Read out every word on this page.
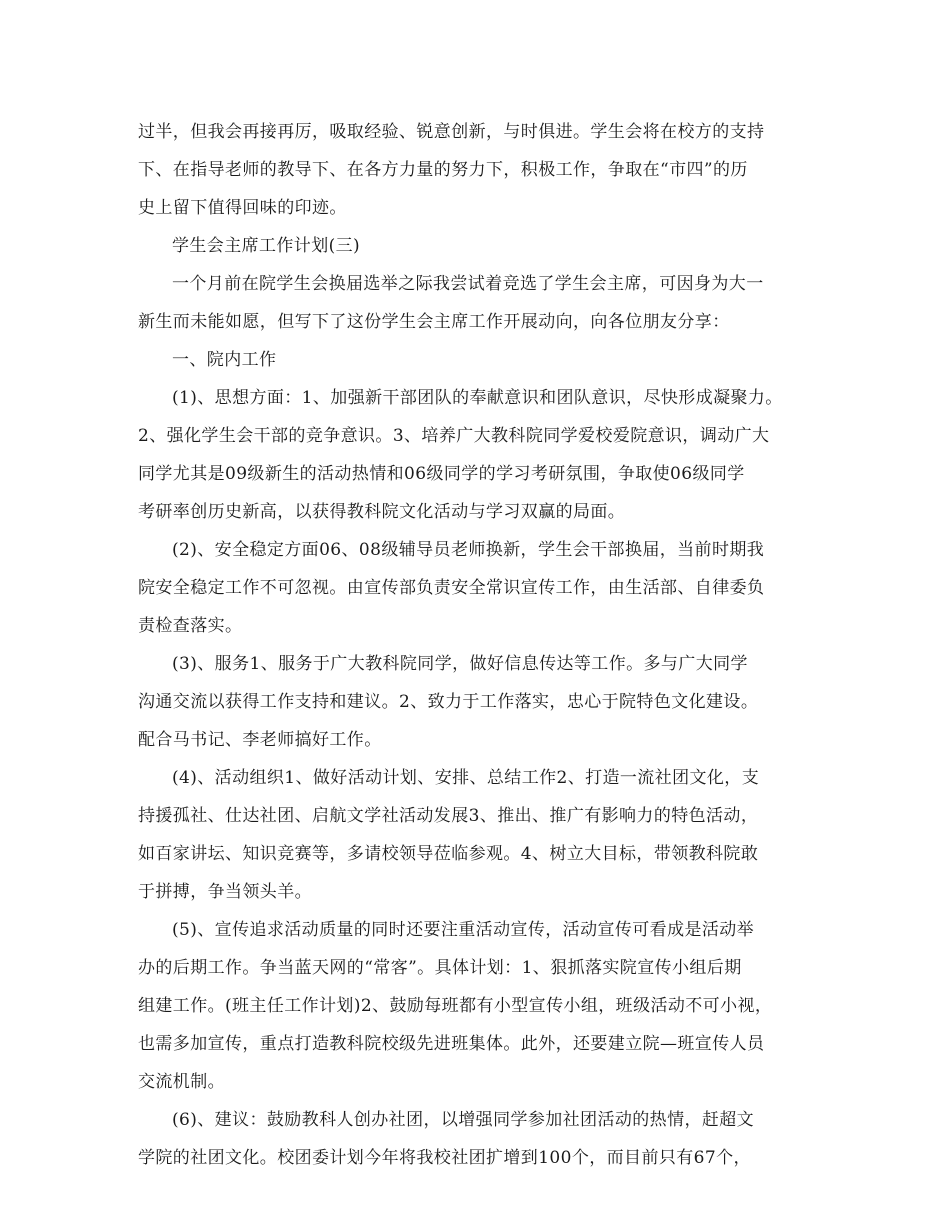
过半，但我会再接再厉，吸取经验、锐意创新，与时俱进。学生会将在校方的支持
下、在指导老师的教导下、在各方力量的努力下，积极工作，争取在“市四”的历
史上留下值得回味的印迹。
学生会主席工作计划(三)
一个月前在院学生会换届选举之际我尝试着竞选了学生会主席，可因身为大一
新生而未能如愿，但写下了这份学生会主席工作开展动向，向各位朋友分享：
一、院内工作
(1)、思想方面：1、加强新干部团队的奉献意识和团队意识，尽快形成凝聚力。
2、强化学生会干部的竞争意识。3、培养广大教科院同学爱校爱院意识，调动广大
同学尤其是09级新生的活动热情和06级同学的学习考研氛围，争取使06级同学
考研率创历史新高，以获得教科院文化活动与学习双赢的局面。
(2)、安全稳定方面06、08级辅导员老师换新，学生会干部换届，当前时期我
院安全稳定工作不可忽视。由宣传部负责安全常识宣传工作，由生活部、自律委负
责检查落实。
(3)、服务1、服务于广大教科院同学，做好信息传达等工作。多与广大同学
沟通交流以获得工作支持和建议。2、致力于工作落实，忠心于院特色文化建设。
配合马书记、李老师搞好工作。
(4)、活动组织1、做好活动计划、安排、总结工作2、打造一流社团文化，支
持援孤社、仕达社团、启航文学社活动发展3、推出、推广有影响力的特色活动，
如百家讲坛、知识竞赛等，多请校领导莅临参观。4、树立大目标，带领教科院敢
于拼搏，争当领头羊。
(5)、宣传追求活动质量的同时还要注重活动宣传，活动宣传可看成是活动举
办的后期工作。争当蓝天网的“常客”。具体计划：1、狠抓落实院宣传小组后期
组建工作。(班主任工作计划)2、鼓励每班都有小型宣传小组，班级活动不可小视，
也需多加宣传，重点打造教科院校级先进班集体。此外，还要建立院—班宣传人员
交流机制。
(6)、建议：鼓励教科人创办社团，以增强同学参加社团活动的热情，赶超文
学院的社团文化。校团委计划今年将我校社团扩增到100个，而目前只有67个，
